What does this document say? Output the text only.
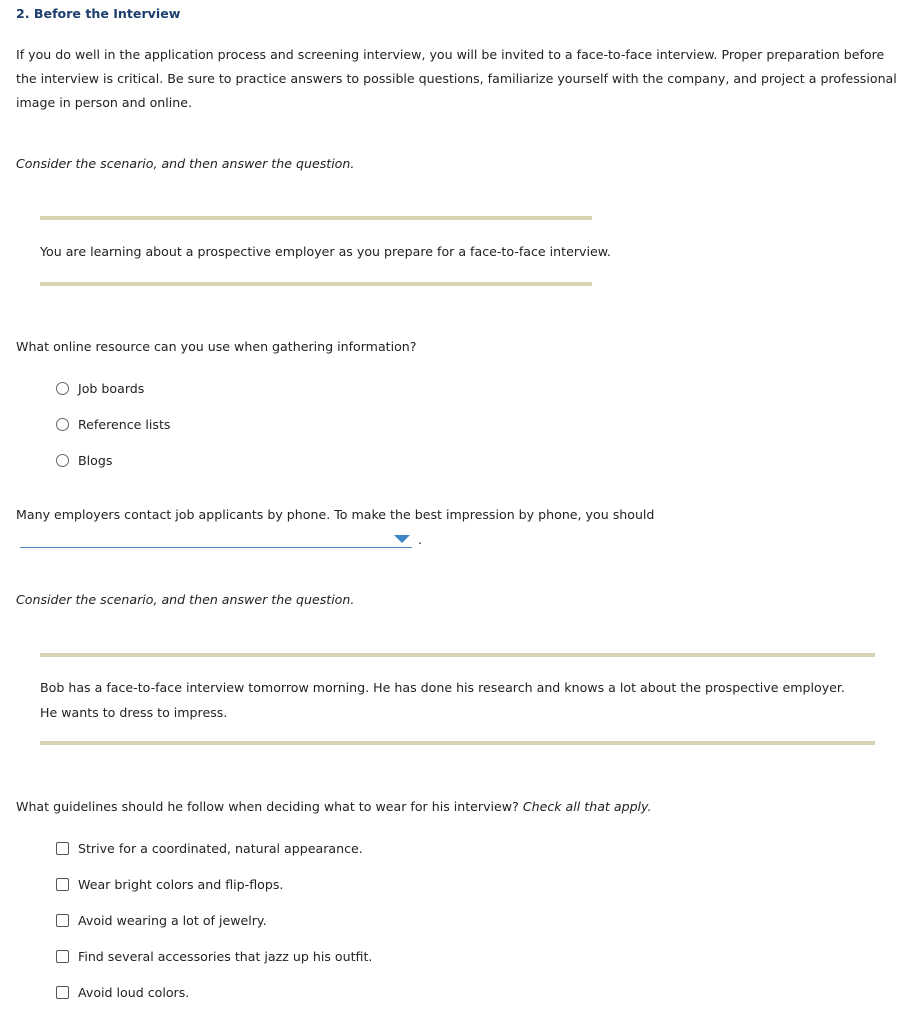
2. Before the Interview
If you do well in the application process and screening interview, you will be invited to a face-to-face interview. Proper preparation before the interview is critical. Be sure to practice answers to possible questions, familiarize yourself with the company, and project a professional image in person and online.
Consider the scenario, and then answer the question.
You are learning about a prospective employer as you prepare for a face-to-face interview.
What online resource can you use when gathering information?
Job boards
Reference lists
Blogs
Many employers contact job applicants by phone. To make the best impression by phone, you should
.
Consider the scenario, and then answer the question.
Bob has a face-to-face interview tomorrow morning. He has done his research and knows a lot about the prospective employer. He wants to dress to impress.
What guidelines should he follow when deciding what to wear for his interview? Check all that apply.
Strive for a coordinated, natural appearance.
Wear bright colors and flip-flops.
Avoid wearing a lot of jewelry.
Find several accessories that jazz up his outfit.
Avoid loud colors.
